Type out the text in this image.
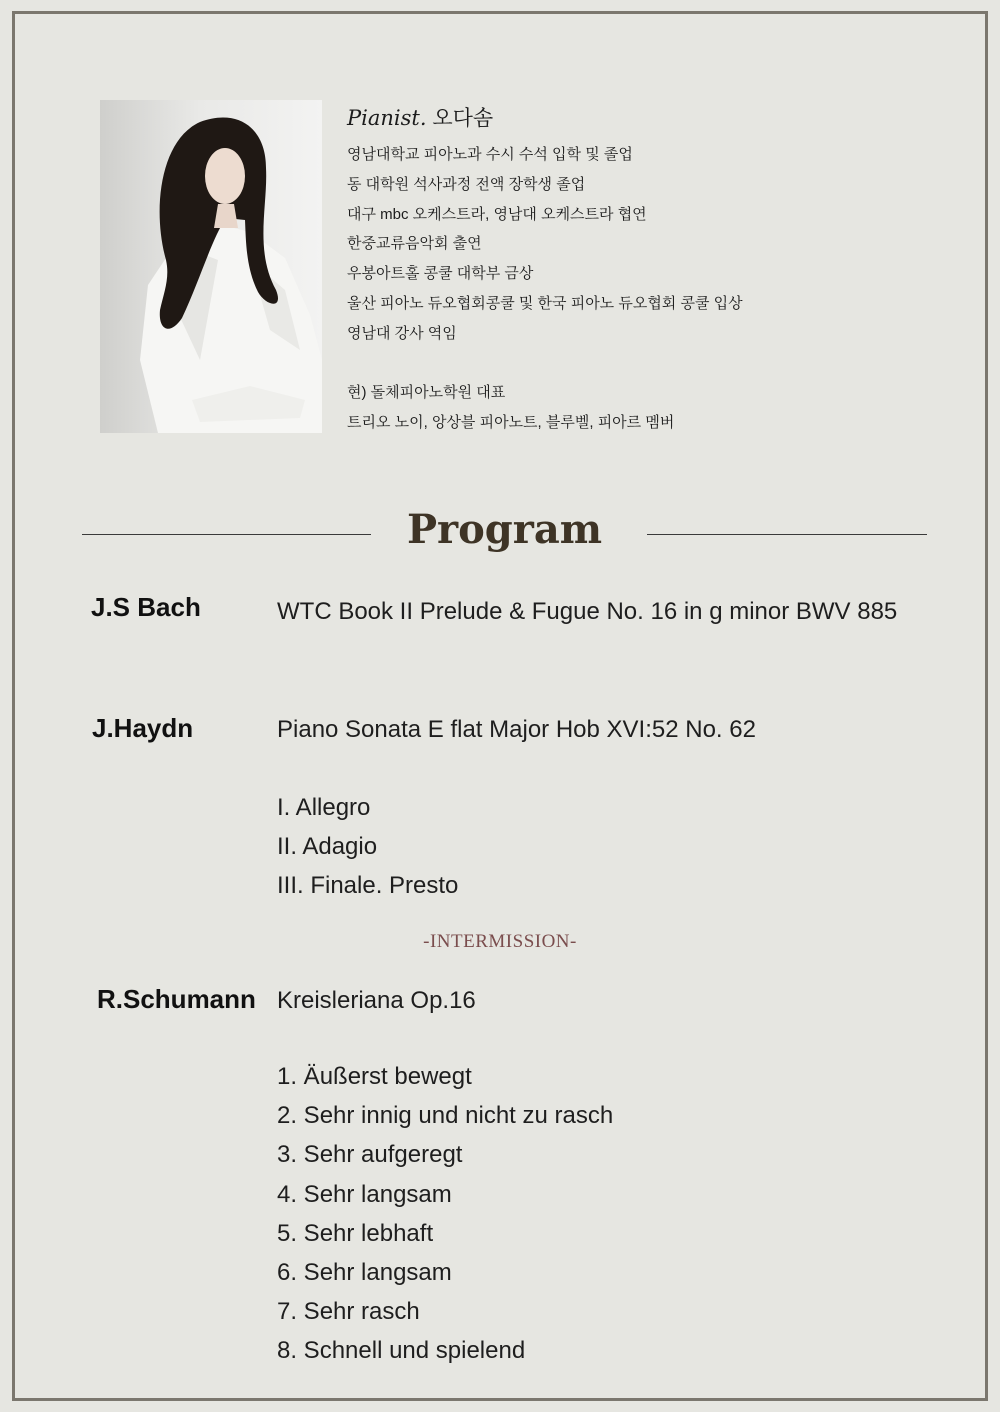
Pianist. 오다솜
영남대학교 피아노과 수시 수석 입학 및 졸업
동 대학원 석사과정 전액 장학생 졸업
대구 mbc 오케스트라, 영남대 오케스트라 협연
한중교류음악회 출연
우봉아트홀 콩쿨 대학부 금상
울산 피아노 듀오협회콩쿨 및 한국 피아노 듀오협회 콩쿨 입상
영남대 강사 역임
현) 돌체피아노학원 대표
트리오 노이, 앙상블 피아노트, 블루벨, 피아르 멤버
Program
J.S Bach	WTC Book II Prelude & Fugue No. 16 in g minor BWV 885
J.Haydn	Piano Sonata E flat Major Hob XVI:52 No. 62
I. Allegro
II. Adagio
III. Finale. Presto
-INTERMISSION-
R.Schumann Kreisleriana Op.16
1. Äußerst bewegt
2. Sehr innig und nicht zu rasch
3. Sehr aufgeregt
4. Sehr langsam
5. Sehr lebhaft
6. Sehr langsam
7. Sehr rasch
8. Schnell und spielend
